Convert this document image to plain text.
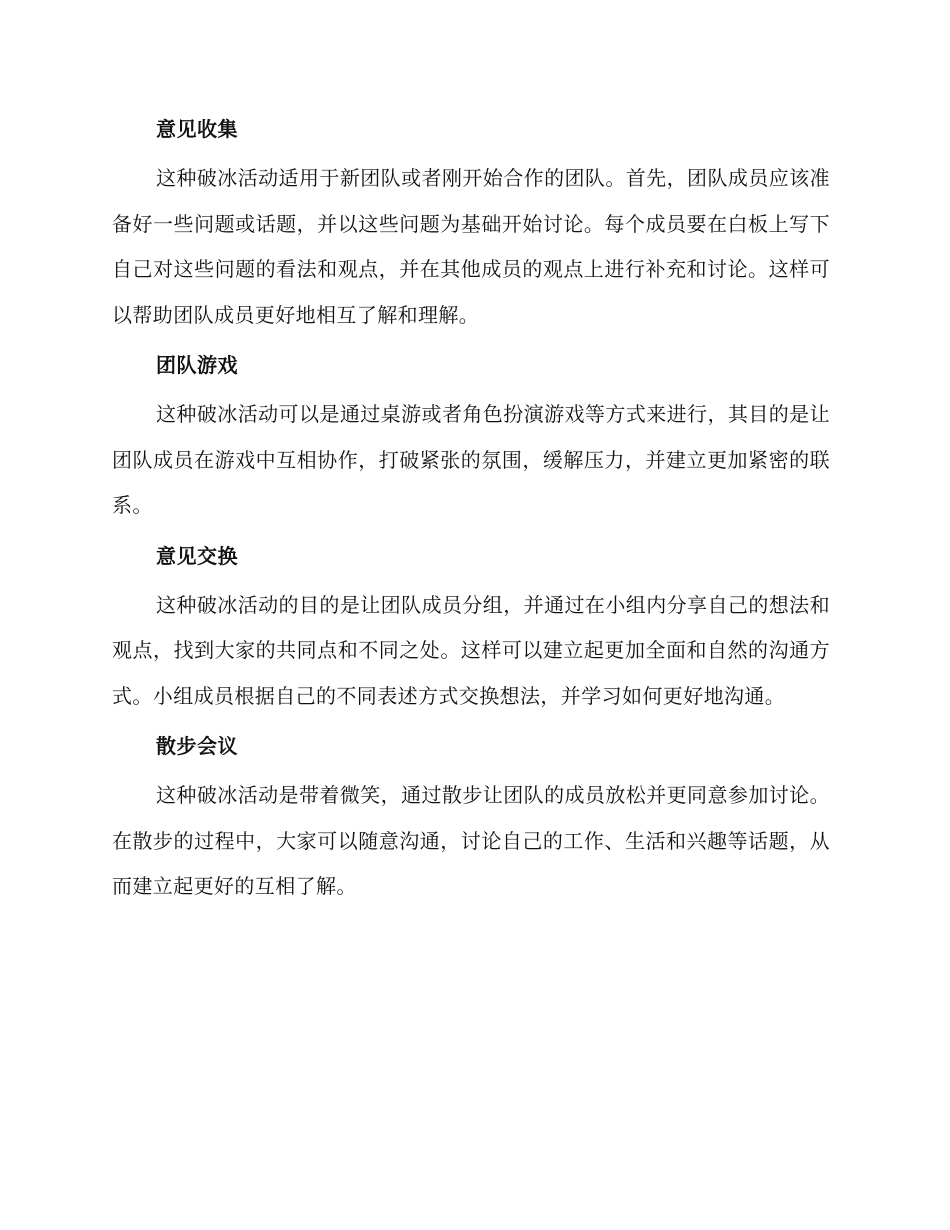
意见收集

这种破冰活动适用于新团队或者刚开始合作的团队。首先，团队成员应该准备好一些问题或话题，并以这些问题为基础开始讨论。每个成员要在白板上写下自己对这些问题的看法和观点，并在其他成员的观点上进行补充和讨论。这样可以帮助团队成员更好地相互了解和理解。

团队游戏

这种破冰活动可以是通过桌游或者角色扮演游戏等方式来进行，其目的是让团队成员在游戏中互相协作，打破紧张的氛围，缓解压力，并建立更加紧密的联系。

意见交换

这种破冰活动的目的是让团队成员分组，并通过在小组内分享自己的想法和观点，找到大家的共同点和不同之处。这样可以建立起更加全面和自然的沟通方式。小组成员根据自己的不同表述方式交换想法，并学习如何更好地沟通。

散步会议

这种破冰活动是带着微笑，通过散步让团队的成员放松并更同意参加讨论。在散步的过程中，大家可以随意沟通，讨论自己的工作、生活和兴趣等话题，从而建立起更好的互相了解。
